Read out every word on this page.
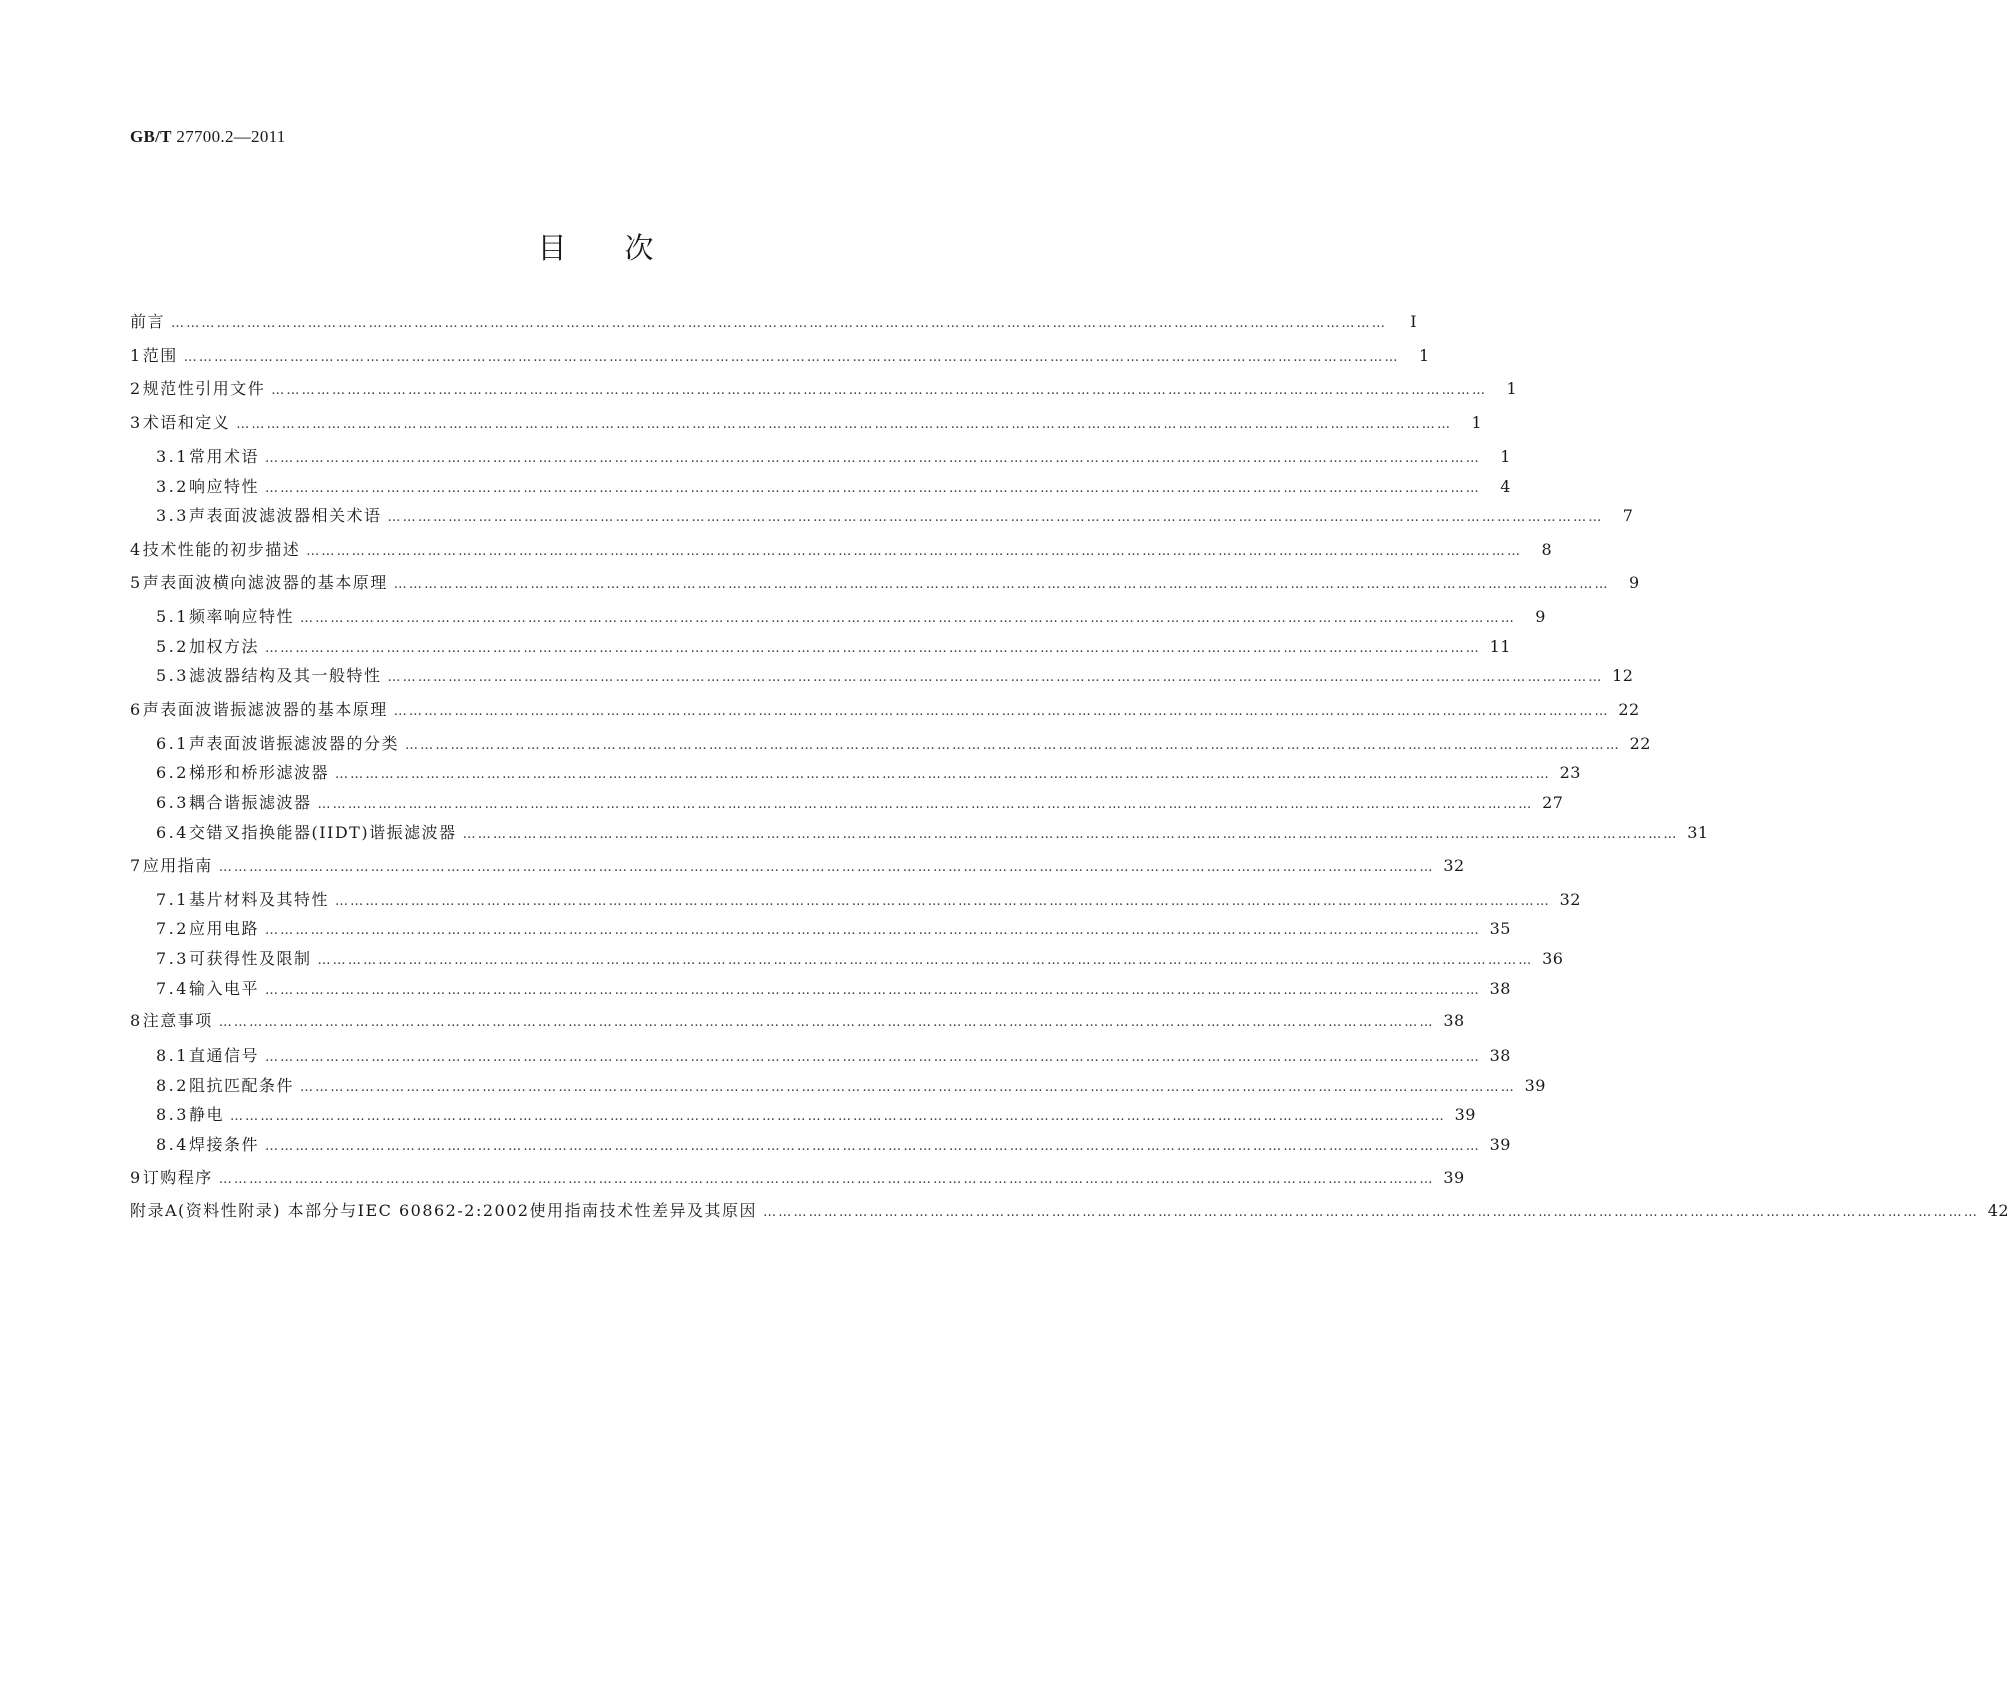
GB/T 27700.2—2011
目次
前言 ……………………………………………………………………………………………………………………………………………………………………………………………………………………	I
1 范围 ……………………………………………………………………………………………………………………………………………………………………………………………………………………	1
2 规范性引用文件 ……………………………………………………………………………………………………………………………………………………………………………………………………………………	1
3 术语和定义 ……………………………………………………………………………………………………………………………………………………………………………………………………………………	1
3.1 常用术语 ……………………………………………………………………………………………………………………………………………………………………………………………………………………	1
3.2 响应特性 ……………………………………………………………………………………………………………………………………………………………………………………………………………………	4
3.3 声表面波滤波器相关术语 ……………………………………………………………………………………………………………………………………………………………………………………………………………………	7
4 技术性能的初步描述 ……………………………………………………………………………………………………………………………………………………………………………………………………………………	8
5 声表面波横向滤波器的基本原理 ……………………………………………………………………………………………………………………………………………………………………………………………………………………	9
5.1 频率响应特性 ……………………………………………………………………………………………………………………………………………………………………………………………………………………	9
5.2 加权方法 …………………………………………………………………………………………………………………………………………………………………………………………………………………… 11
5.3 滤波器结构及其一般特性 …………………………………………………………………………………………………………………………………………………………………………………………………………………… 12
6 声表面波谐振滤波器的基本原理 …………………………………………………………………………………………………………………………………………………………………………………………………………………… 22
6.1 声表面波谐振滤波器的分类 …………………………………………………………………………………………………………………………………………………………………………………………………………………… 22
6.2 梯形和桥形滤波器 …………………………………………………………………………………………………………………………………………………………………………………………………………………… 23
6.3 耦合谐振滤波器 …………………………………………………………………………………………………………………………………………………………………………………………………………………… 27
6.4 交错叉指换能器(IIDT)谐振滤波器 …………………………………………………………………………………………………………………………………………………………………………………………………………………… 31
7 应用指南 …………………………………………………………………………………………………………………………………………………………………………………………………………………… 32
7.1 基片材料及其特性 …………………………………………………………………………………………………………………………………………………………………………………………………………………… 32
7.2 应用电路 …………………………………………………………………………………………………………………………………………………………………………………………………………………… 35
7.3 可获得性及限制 …………………………………………………………………………………………………………………………………………………………………………………………………………………… 36
7.4 输入电平 …………………………………………………………………………………………………………………………………………………………………………………………………………………… 38
8 注意事项 …………………………………………………………………………………………………………………………………………………………………………………………………………………… 38
8.1 直通信号 …………………………………………………………………………………………………………………………………………………………………………………………………………………… 38
8.2 阻抗匹配条件 …………………………………………………………………………………………………………………………………………………………………………………………………………………… 39
8.3 静电 …………………………………………………………………………………………………………………………………………………………………………………………………………………… 39
8.4 焊接条件 …………………………………………………………………………………………………………………………………………………………………………………………………………………… 39
9 订购程序 …………………………………………………………………………………………………………………………………………………………………………………………………………………… 39
附录A(资料性附录) 本部分与IEC 60862-2:2002使用指南技术性差异及其原因 …………………………………………………………………………………………………………………………………………………………………………………………………………………… 42
